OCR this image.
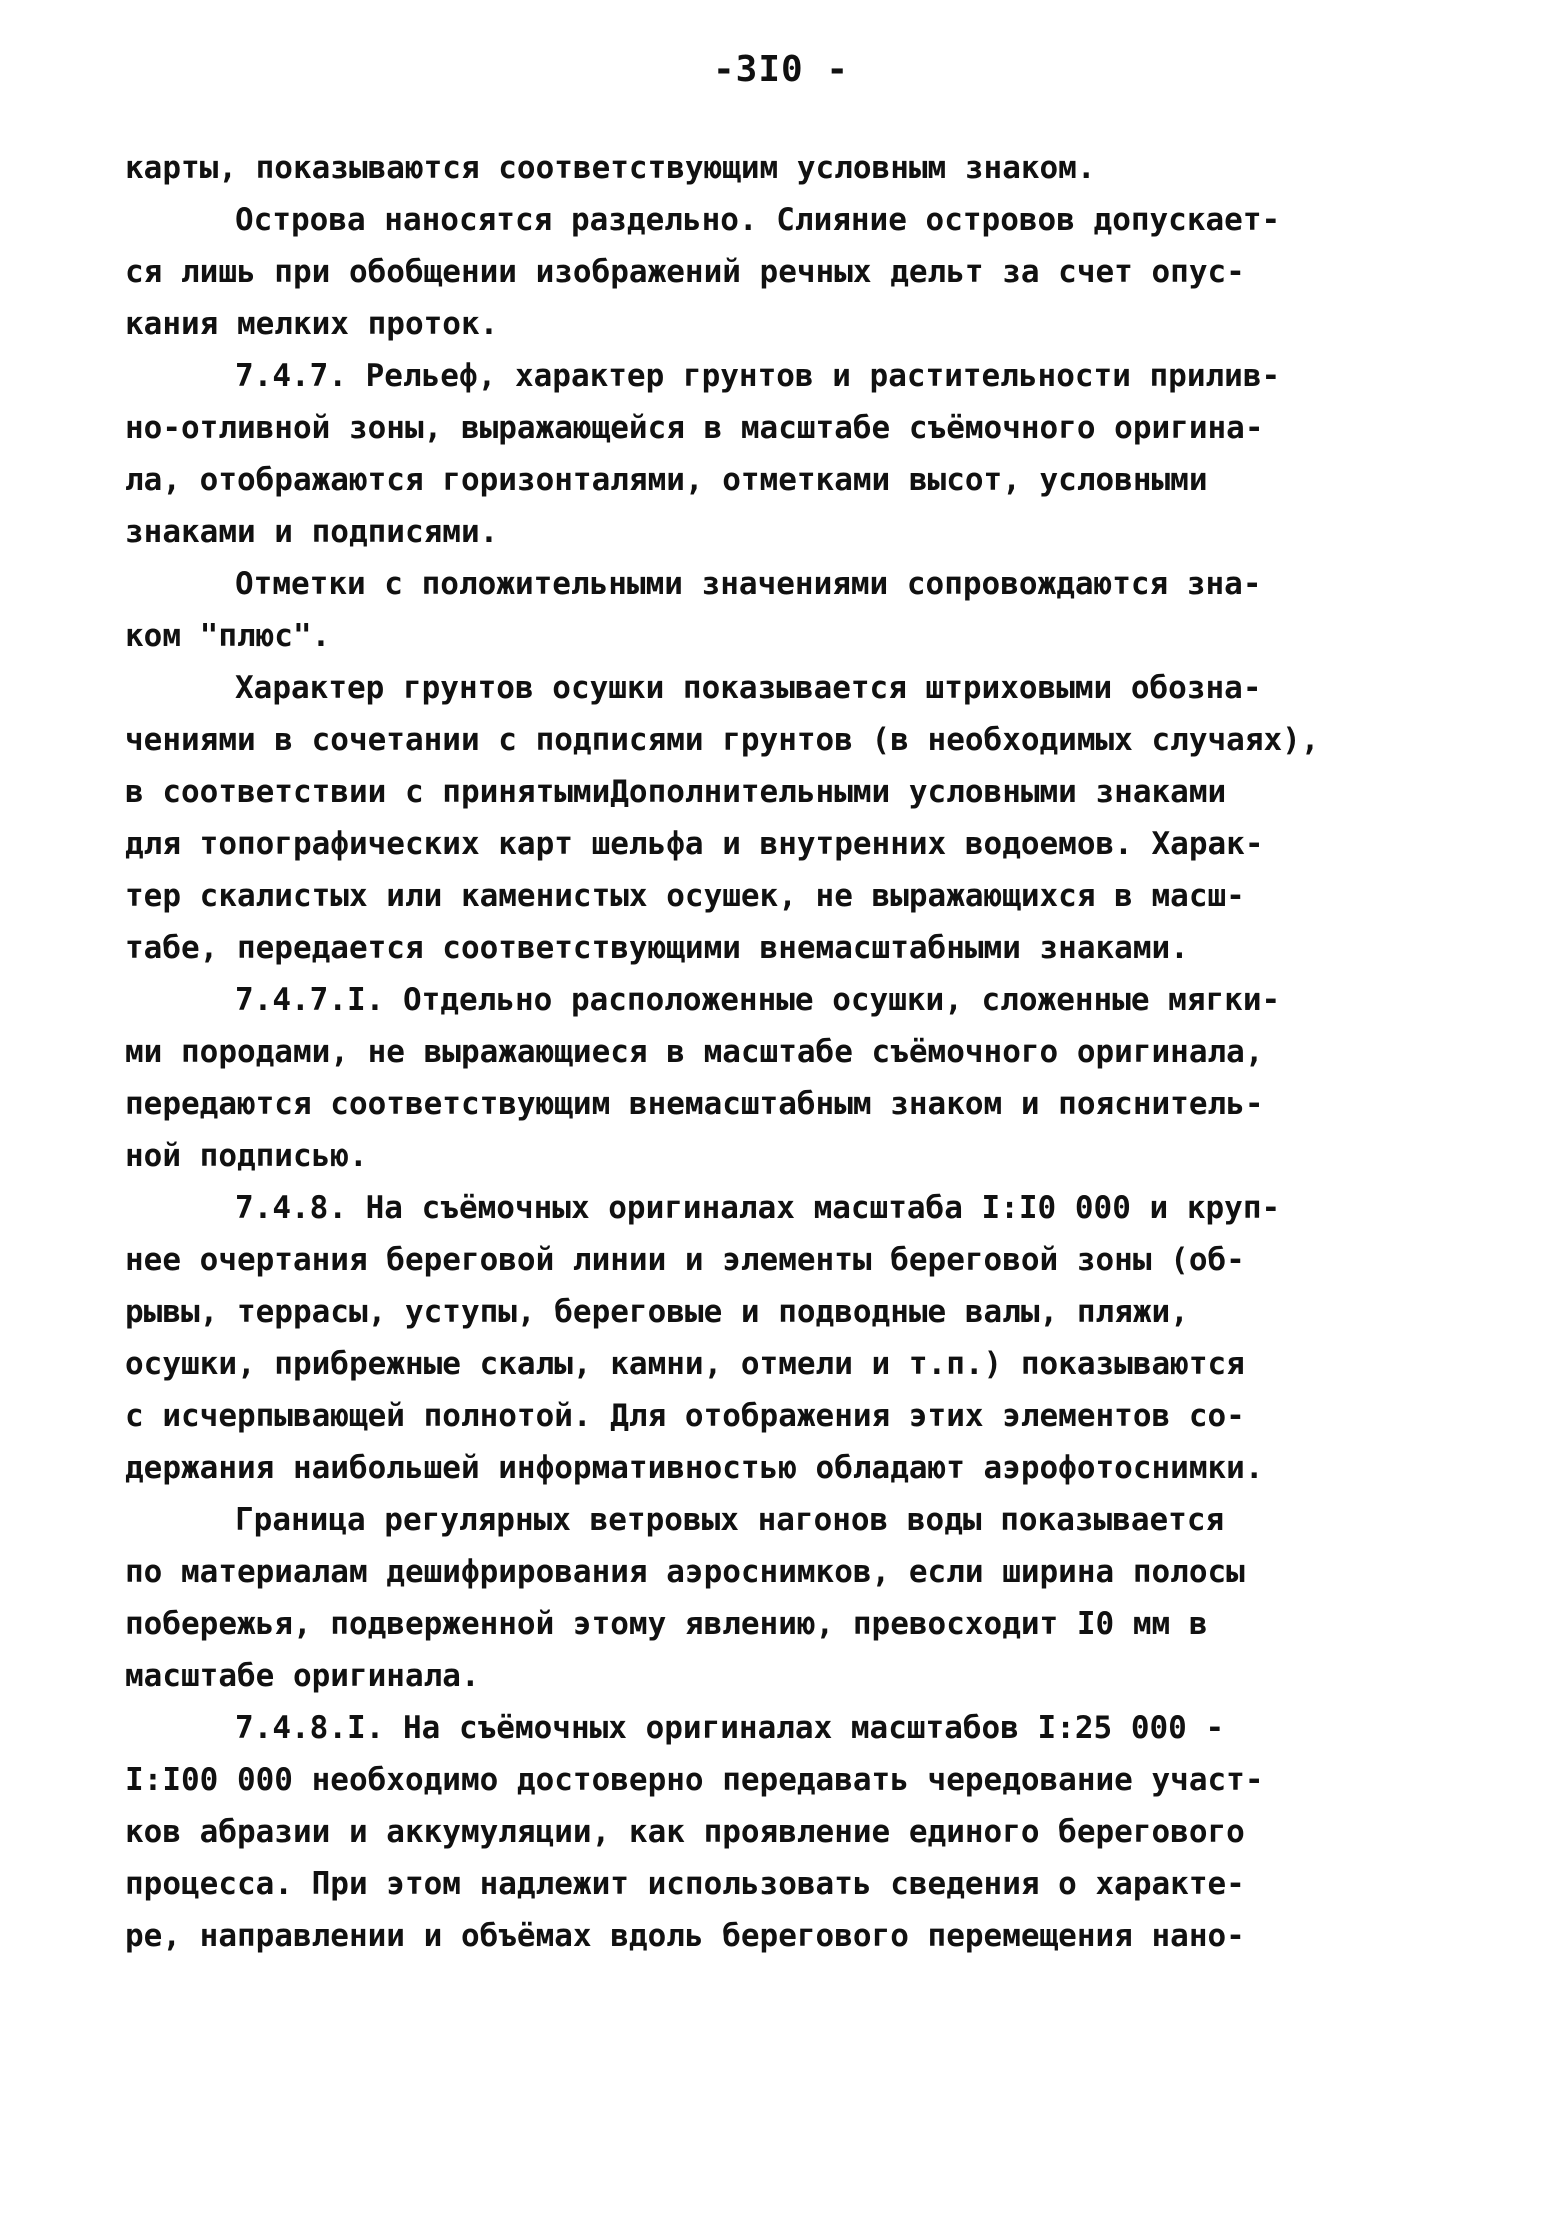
-3I0 -
карты, показываются соответствующим условным знаком.
Острова наносятся раздельно. Слияние островов допускает-
ся лишь при обобщении изображений речных дельт за счет опус-
кания мелких проток.
7.4.7. Рельеф, характер грунтов и растительности прилив-
но-отливной зоны, выражающейся в масштабе съёмочного оригина-
ла, отображаются горизонталями, отметками высот, условными
знаками и подписями.
Отметки с положительными значениями сопровождаются зна-
ком "плюс".
Характер грунтов осушки показывается штриховыми обозна-
чениями в сочетании с подписями грунтов (в необходимых случаях),
в соответствии с принятымиДополнительными условными знаками
для топографических карт шельфа и внутренних водоемов. Харак-
тер скалистых или каменистых осушек, не выражающихся в масш-
табе, передается соответствующими внемасштабными знаками.
7.4.7.I. Отдельно расположенные осушки, сложенные мягки-
ми породами, не выражающиеся в масштабе съёмочного оригинала,
передаются соответствующим внемасштабным знаком и пояснитель-
ной подписью.
7.4.8. На съёмочных оригиналах масштаба I:I0 000 и круп-
нее очертания береговой линии и элементы береговой зоны (об-
рывы, террасы, уступы, береговые и подводные валы, пляжи,
осушки, прибрежные скалы, камни, отмели и т.п.) показываются
с исчерпывающей полнотой. Для отображения этих элементов со-
держания наибольшей информативностью обладают аэрофотоснимки.
Граница регулярных ветровых нагонов воды показывается
по материалам дешифрирования аэроснимков, если ширина полосы
побережья, подверженной этому явлению, превосходит I0 мм в
масштабе оригинала.
7.4.8.I. На съёмочных оригиналах масштабов I:25 000 -
I:I00 000 необходимо достоверно передавать чередование участ-
ков абразии и аккумуляции, как проявление единого берегового
процесса. При этом надлежит использовать сведения о характе-
ре, направлении и объёмах вдоль берегового перемещения нано-
